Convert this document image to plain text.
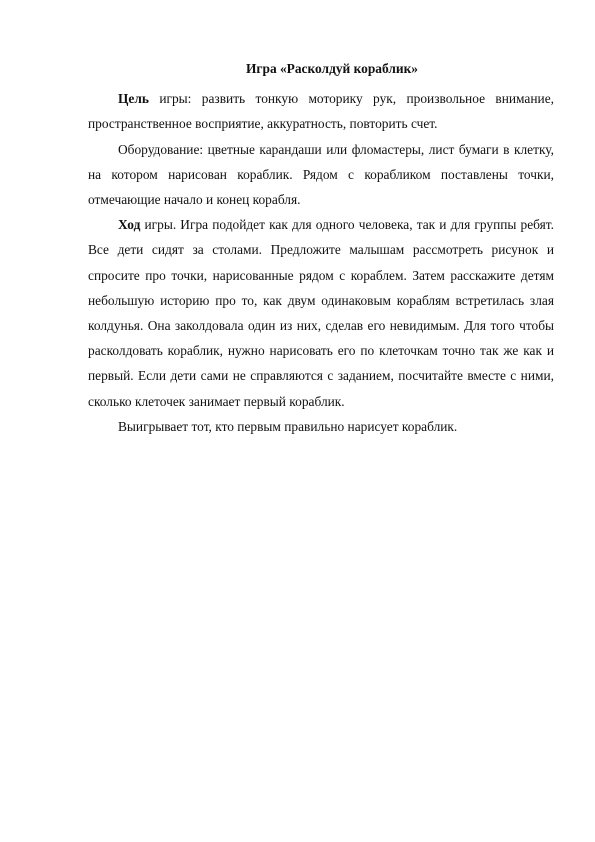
Игра «Расколдуй кораблик»

Цель игры: развить тонкую моторику рук, произвольное внимание, пространственное восприятие, аккуратность, повторить счет.

Оборудование: цветные карандаши или фломастеры, лист бумаги в клетку, на котором нарисован кораблик. Рядом с корабликом поставлены точки, отмечающие начало и конец корабля.

Ход игры. Игра подойдет как для одного человека, так и для группы ребят. Все дети сидят за столами. Предложите малышам рассмотреть рисунок и спросите про точки, нарисованные рядом с кораблем. Затем расскажите детям небольшую историю про то, как двум одинаковым кораблям встретилась злая колдунья. Она заколдовала один из них, сделав его невидимым. Для того чтобы расколдовать кораблик, нужно нарисовать его по клеточкам точно так же как и первый. Если дети сами не справляются с заданием, посчитайте вместе с ними, сколько клеточек занимает первый кораблик.

Выигрывает тот, кто первым правильно нарисует кораблик.
